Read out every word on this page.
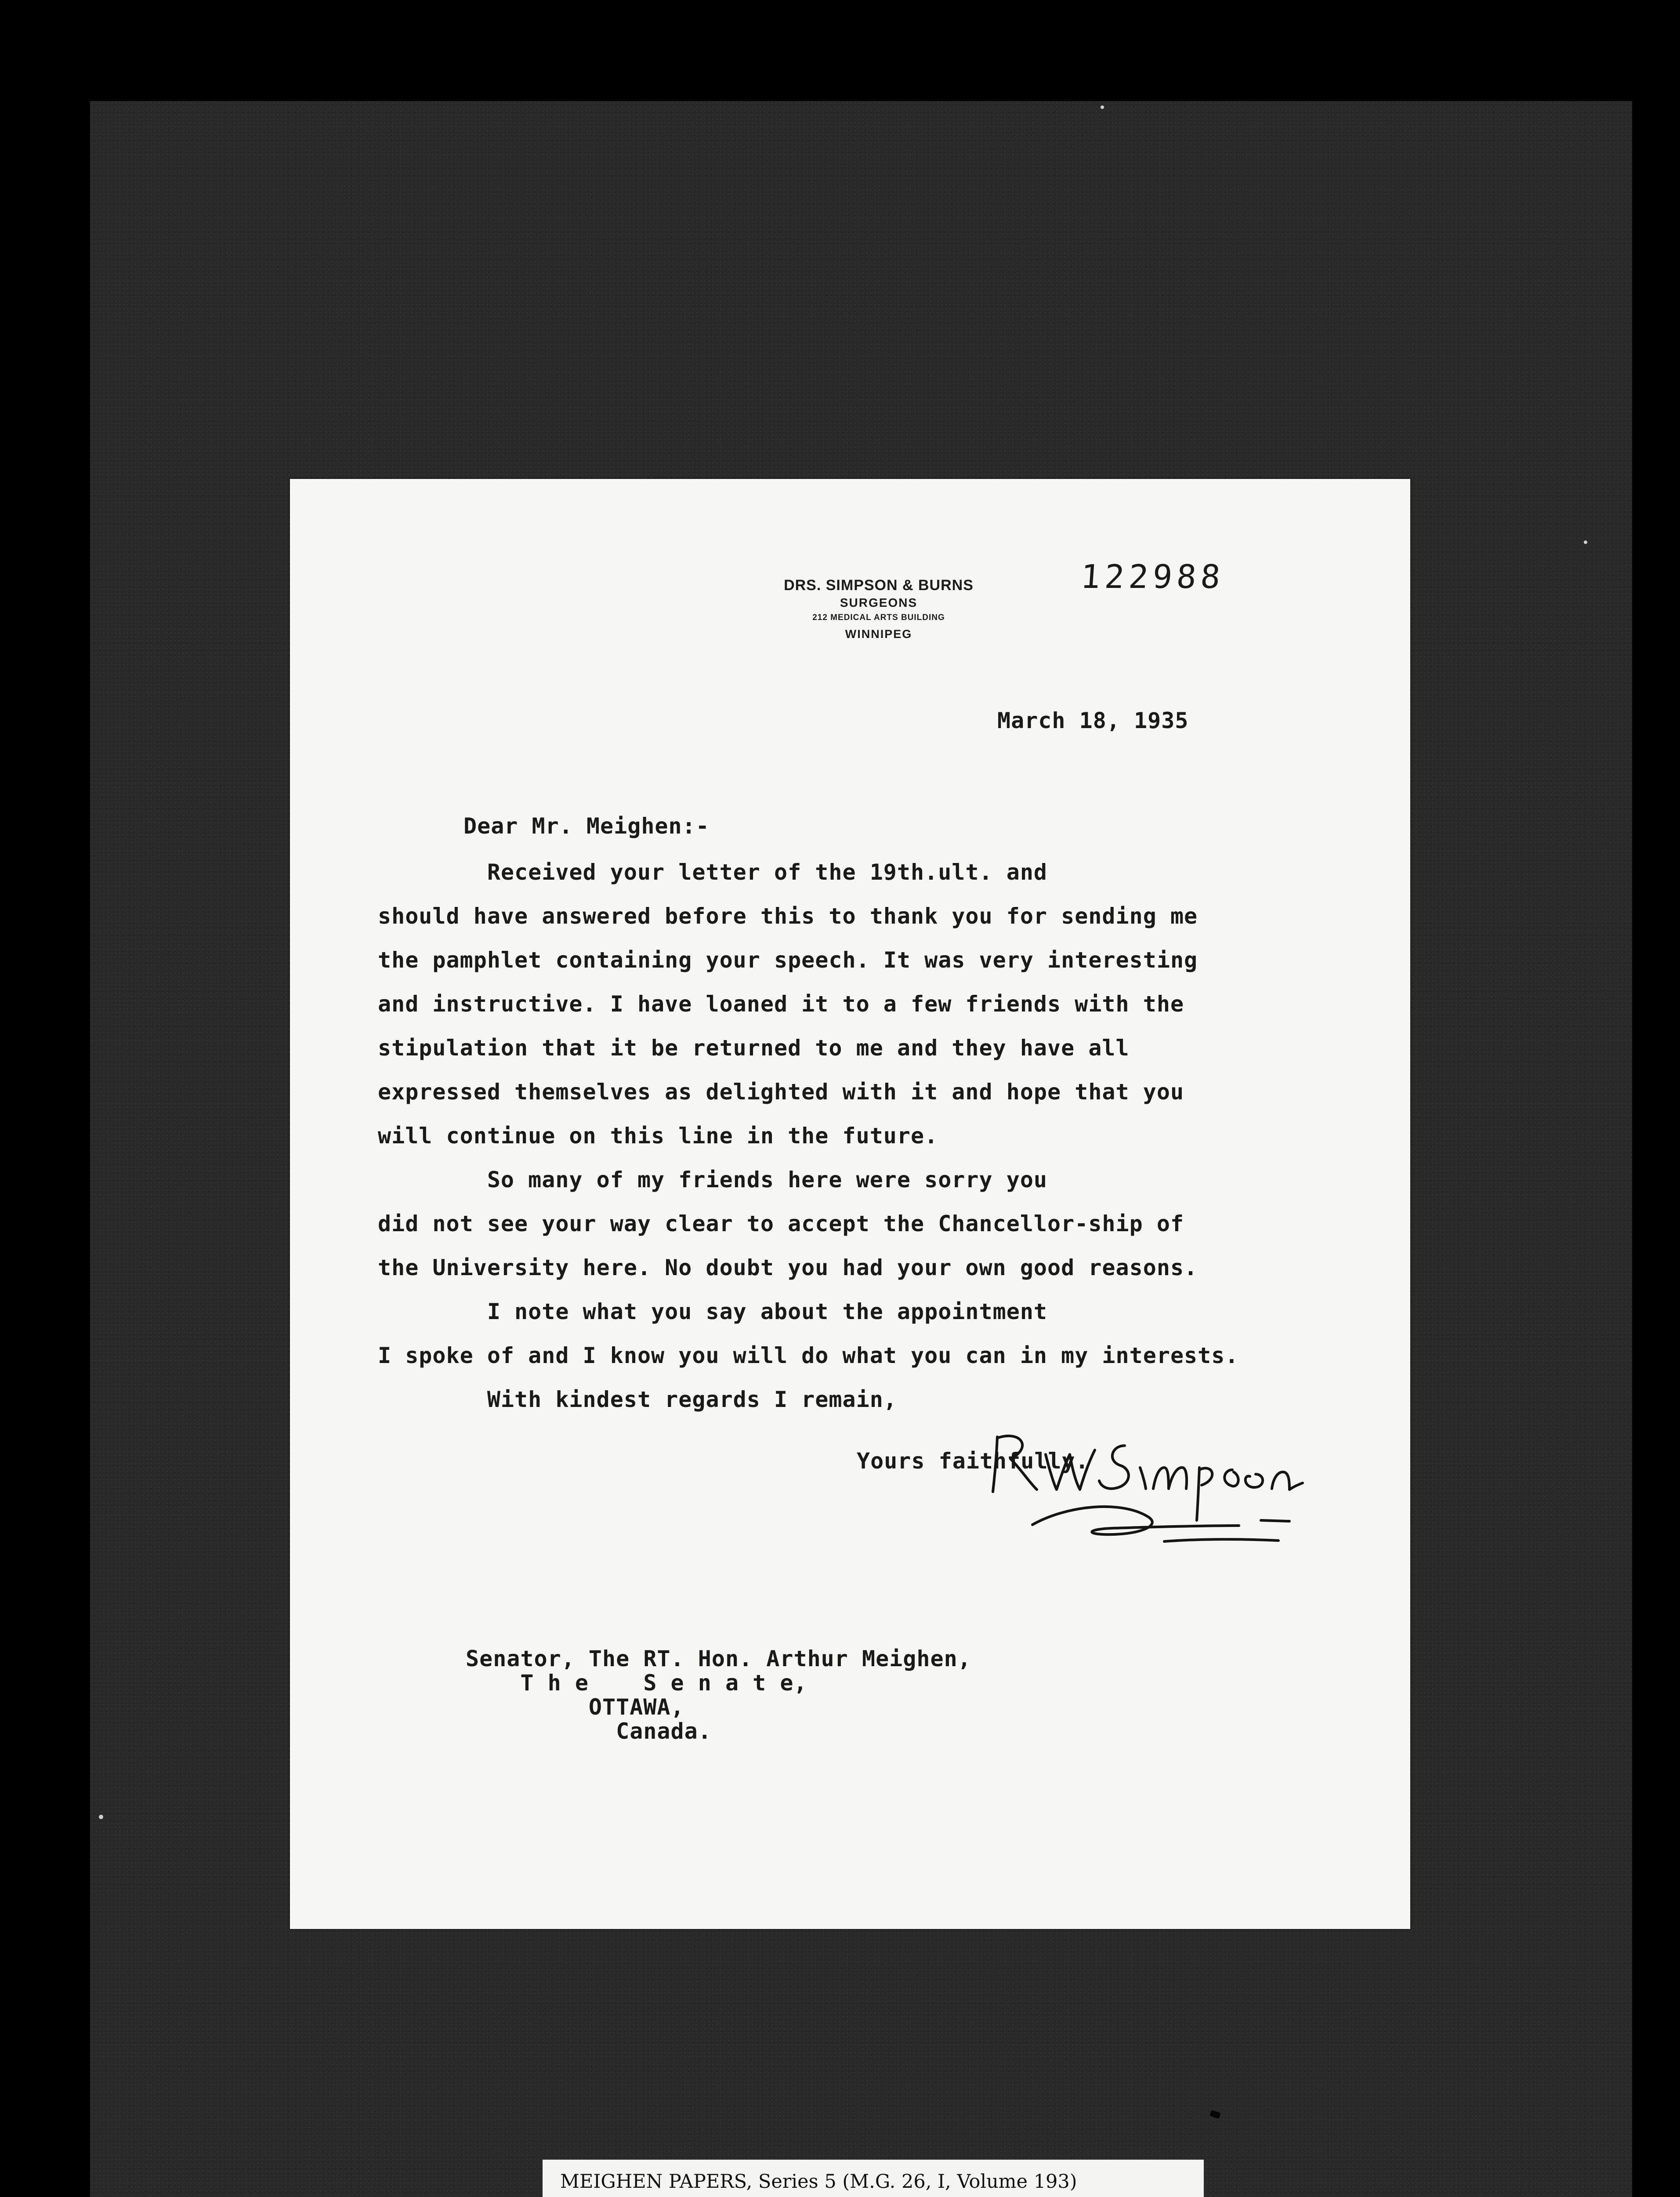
DRS. SIMPSON & BURNS
SURGEONS
212 MEDICAL ARTS BUILDING
WINNIPEG
122988
March 18, 1935
Dear Mr. Meighen:-
Received your letter of the 19th.ult. and
should have answered before this to thank you for sending me
the pamphlet containing your speech. It was very interesting
and instructive. I have loaned it to a few friends with the
stipulation that it be returned to me and they have all
expressed themselves as delighted with it and hope that you
will continue on this line in the future.
So many of my friends here were sorry you
did not see your way clear to accept the Chancellor-ship of
the University here. No doubt you had your own good reasons.
I note what you say about the appointment
I spoke of and I know you will do what you can in my interests.
With kindest regards I remain,
Yours faithfully.
Senator, The RT. Hon. Arthur Meighen,
T h e    S e n a t e,
OTTAWA,
Canada.
MEIGHEN PAPERS, Series 5 (M.G. 26, I, Volume 193)
